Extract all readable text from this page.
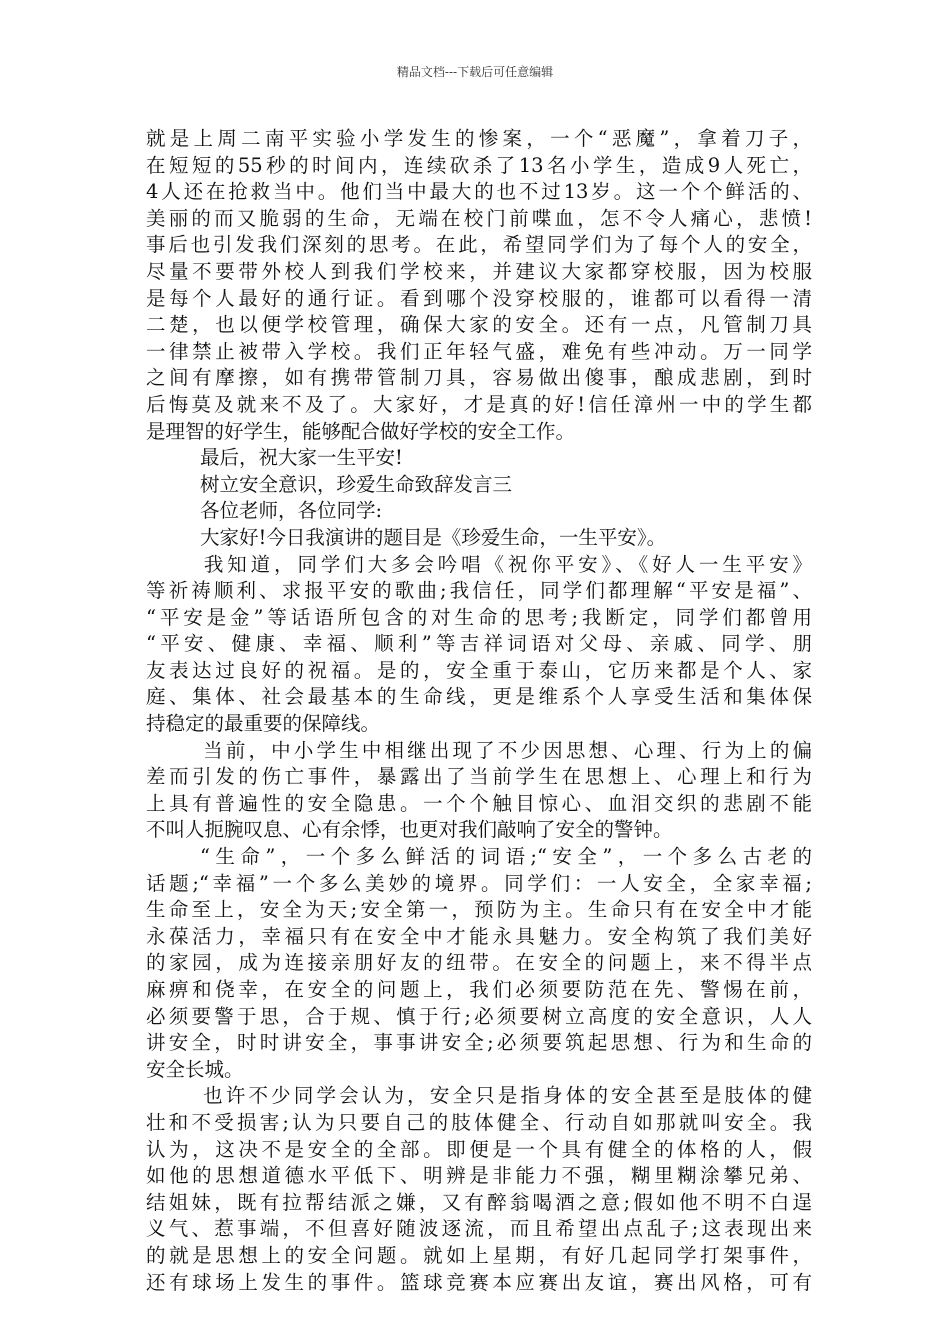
精品文档---下载后可任意编辑
就是上周二南平实验小学发生的惨案，一个“恶魔”，拿着刀子，
在短短的55秒的时间内，连续砍杀了13名小学生，造成9人死亡，
4人还在抢救当中。他们当中最大的也不过13岁。这一个个鲜活的、
美丽的而又脆弱的生命，无端在校门前喋血，怎不令人痛心，悲愤!
事后也引发我们深刻的思考。在此，希望同学们为了每个人的安全，
尽量不要带外校人到我们学校来，并建议大家都穿校服，因为校服
是每个人最好的通行证。看到哪个没穿校服的，谁都可以看得一清
二楚，也以便学校管理，确保大家的安全。还有一点，凡管制刀具
一律禁止被带入学校。我们正年轻气盛，难免有些冲动。万一同学
之间有摩擦，如有携带管制刀具，容易做出傻事，酿成悲剧，到时
后悔莫及就来不及了。大家好，才是真的好!信任漳州一中的学生都
是理智的好学生，能够配合做好学校的安全工作。
最后，祝大家一生平安!
树立安全意识，珍爱生命致辞发言三
各位老师，各位同学:
大家好!今日我演讲的题目是《珍爱生命，一生平安》。
我知道，同学们大多会吟唱《祝你平安》、《好人一生平安》
等祈祷顺利、求报平安的歌曲;我信任，同学们都理解“平安是福”、
“平安是金”等话语所包含的对生命的思考;我断定，同学们都曾用
“平安、健康、幸福、顺利”等吉祥词语对父母、亲戚、同学、朋
友表达过良好的祝福。是的，安全重于泰山，它历来都是个人、家
庭、集体、社会最基本的生命线，更是维系个人享受生活和集体保
持稳定的最重要的保障线。
当前，中小学生中相继出现了不少因思想、心理、行为上的偏
差而引发的伤亡事件，暴露出了当前学生在思想上、心理上和行为
上具有普遍性的安全隐患。一个个触目惊心、血泪交织的悲剧不能
不叫人扼腕叹息、心有余悸，也更对我们敲响了安全的警钟。
“生命”，一个多么鲜活的词语;“安全”，一个多么古老的
话题;“幸福”一个多么美妙的境界。同学们：一人安全，全家幸福;
生命至上，安全为天;安全第一，预防为主。生命只有在安全中才能
永葆活力，幸福只有在安全中才能永具魅力。安全构筑了我们美好
的家园，成为连接亲朋好友的纽带。在安全的问题上，来不得半点
麻痹和侥幸，在安全的问题上，我们必须要防范在先、警惕在前，
必须要警于思，合于规、慎于行;必须要树立高度的安全意识，人人
讲安全，时时讲安全，事事讲安全;必须要筑起思想、行为和生命的
安全长城。
也许不少同学会认为，安全只是指身体的安全甚至是肢体的健
壮和不受损害;认为只要自己的肢体健全、行动自如那就叫安全。我
认为，这决不是安全的全部。即便是一个具有健全的体格的人，假
如他的思想道德水平低下、明辨是非能力不强，糊里糊涂攀兄弟、
结姐妹，既有拉帮结派之嫌，又有醉翁喝酒之意;假如他不明不白逞
义气、惹事端，不但喜好随波逐流，而且希望出点乱子;这表现出来
的就是思想上的安全问题。就如上星期，有好几起同学打架事件，
还有球场上发生的事件。篮球竞赛本应赛出友谊，赛出风格，可有
